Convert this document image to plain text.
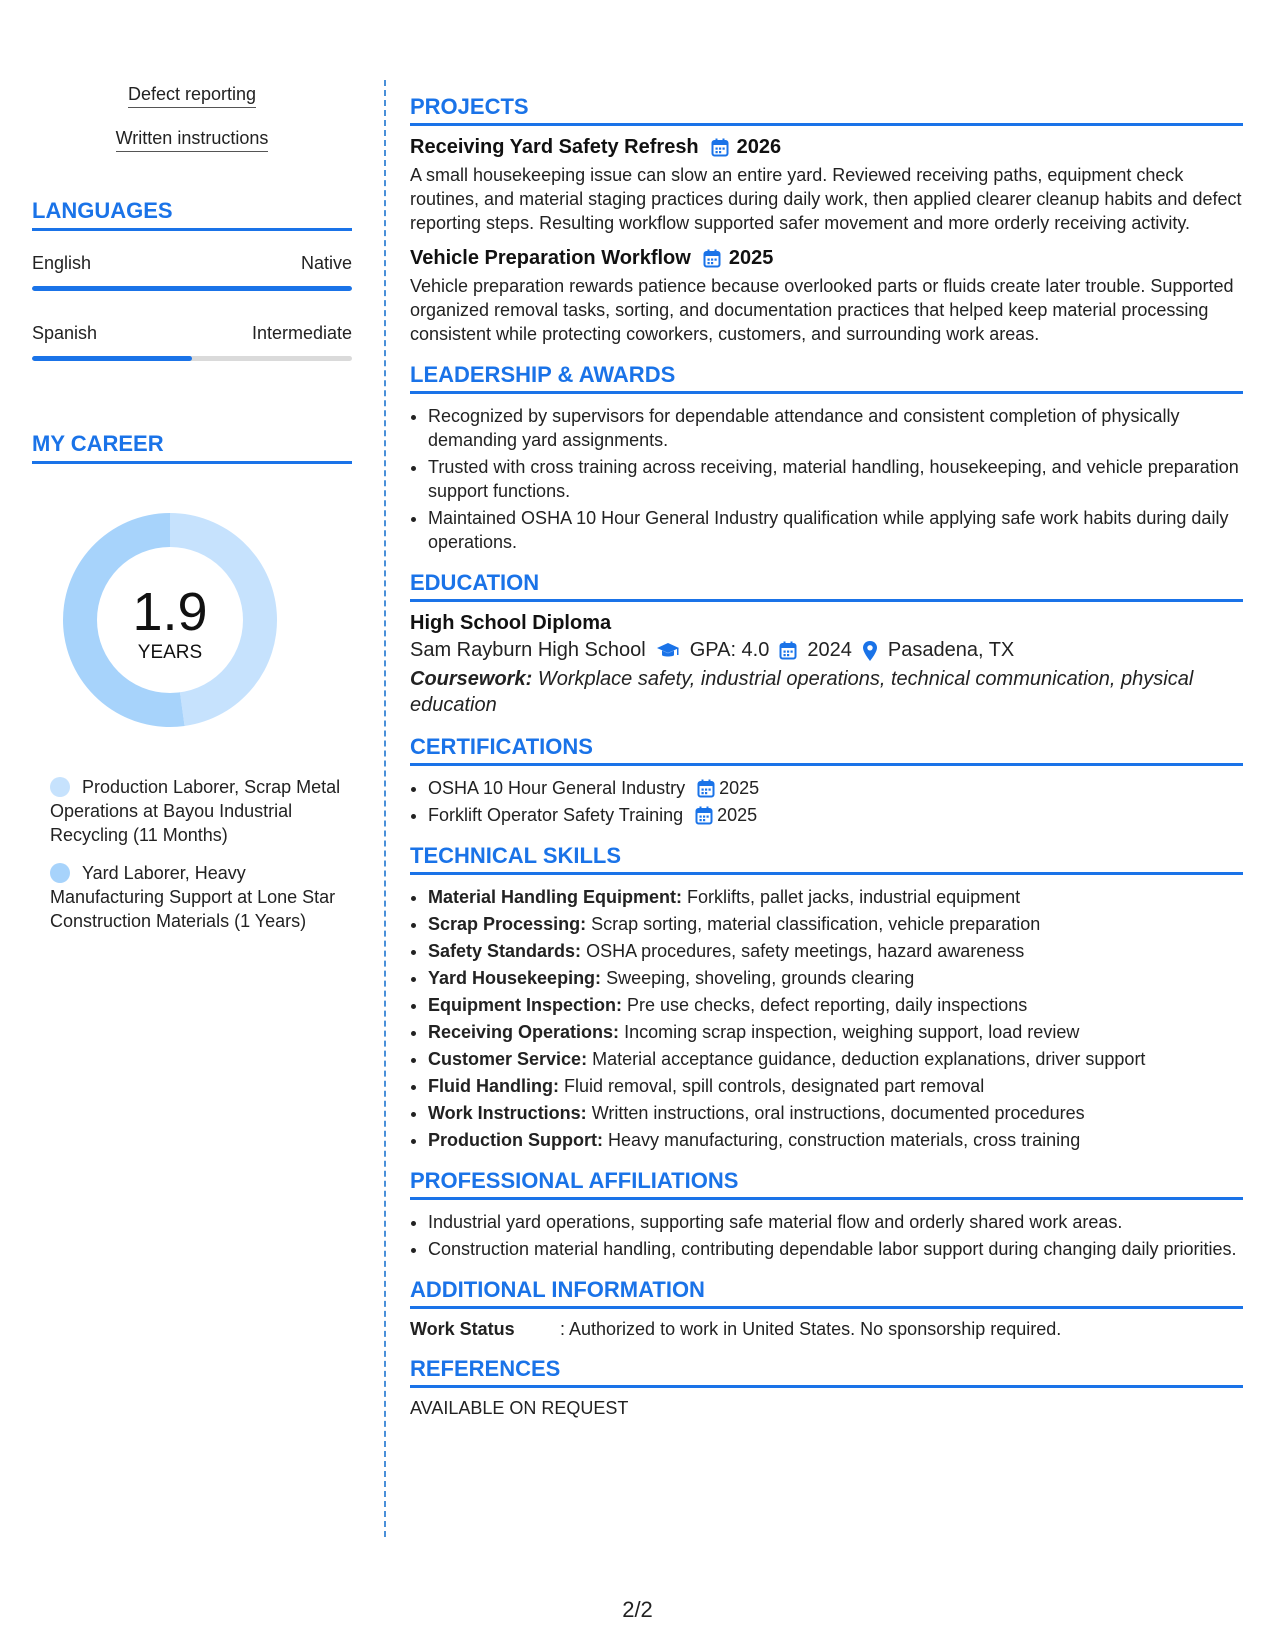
Defect reporting
Written instructions
LANGUAGES
English	Native
Spanish	Intermediate
MY CAREER
1.9
YEARS
Production Laborer, Scrap Metal Operations at Bayou Industrial Recycling (11 Months)
Yard Laborer, Heavy Manufacturing Support at Lone Star Construction Materials (1 Years)
PROJECTS
Receiving Yard Safety Refresh 2026

A small housekeeping issue can slow an entire yard. Reviewed receiving paths, equipment check routines, and material staging practices during daily work, then applied clearer cleanup habits and defect reporting steps. Resulting workflow supported safer movement and more orderly receiving activity.

Vehicle Preparation Workflow 2025

Vehicle preparation rewards patience because overlooked parts or fluids create later trouble. Supported organized removal tasks, sorting, and documentation practices that helped keep material processing consistent while protecting coworkers, customers, and surrounding work areas.

LEADERSHIP & AWARDS
• Recognized by supervisors for dependable attendance and consistent completion of physically demanding yard assignments.
• Trusted with cross training across receiving, material handling, housekeeping, and vehicle preparation support functions.
• Maintained OSHA 10 Hour General Industry qualification while applying safe work habits during daily operations.
EDUCATION
High School Diploma
Sam Rayburn High School GPA: 4.0 2024 Pasadena, TX
Coursework: Workplace safety, industrial operations, technical communication, physical education
CERTIFICATIONS
• OSHA 10 Hour General Industry 2025
• Forklift Operator Safety Training 2025
TECHNICAL SKILLS
• Material Handling Equipment: Forklifts, pallet jacks, industrial equipment
• Scrap Processing: Scrap sorting, material classification, vehicle preparation
• Safety Standards: OSHA procedures, safety meetings, hazard awareness
• Yard Housekeeping: Sweeping, shoveling, grounds clearing
• Equipment Inspection: Pre use checks, defect reporting, daily inspections
• Receiving Operations: Incoming scrap inspection, weighing support, load review
• Customer Service: Material acceptance guidance, deduction explanations, driver support
• Fluid Handling: Fluid removal, spill controls, designated part removal
• Work Instructions: Written instructions, oral instructions, documented procedures
• Production Support: Heavy manufacturing, construction materials, cross training
PROFESSIONAL AFFILIATIONS
• Industrial yard operations, supporting safe material flow and orderly shared work areas.
• Construction material handling, contributing dependable labor support during changing daily priorities.
ADDITIONAL INFORMATION
Work Status	: Authorized to work in United States. No sponsorship required.
REFERENCES
AVAILABLE ON REQUEST
2/2
